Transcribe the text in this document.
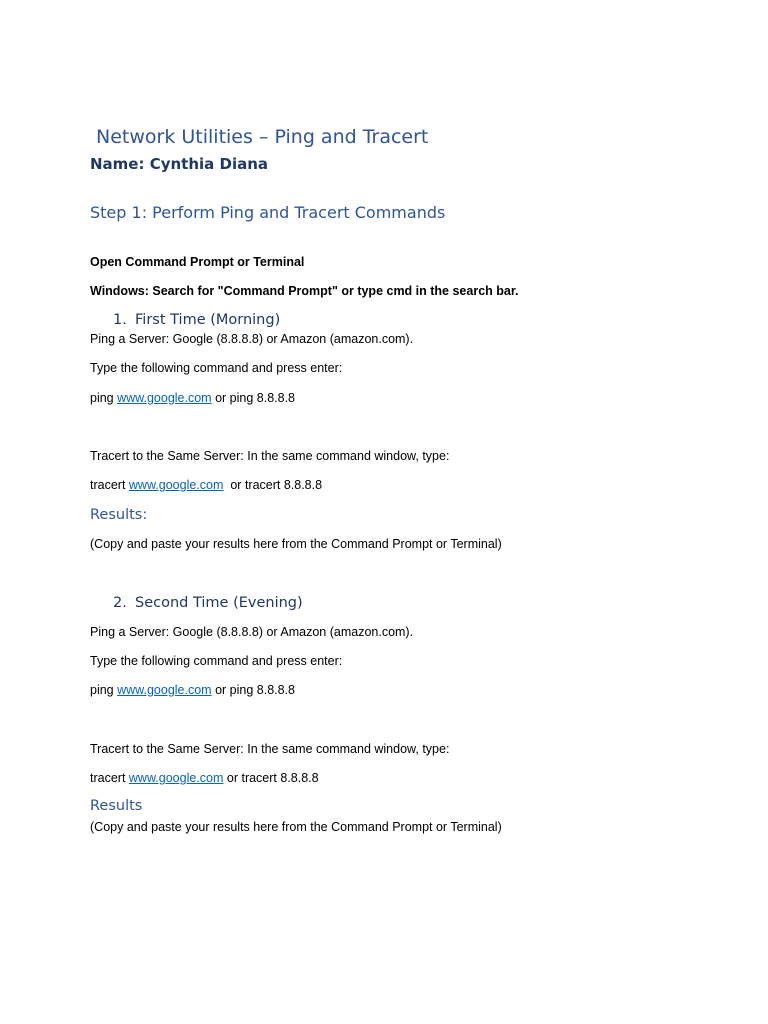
Network Utilities – Ping and Tracert
Name: Cynthia Diana
Step 1: Perform Ping and Tracert Commands
Open Command Prompt or Terminal
Windows: Search for "Command Prompt" or type cmd in the search bar.
1. First Time (Morning)
Ping a Server: Google (8.8.8.8) or Amazon (amazon.com).
Type the following command and press enter:
ping www.google.com or ping 8.8.8.8
Tracert to the Same Server: In the same command window, type:
tracert www.google.com  or tracert 8.8.8.8
Results:
(Copy and paste your results here from the Command Prompt or Terminal)
2. Second Time (Evening)
Ping a Server: Google (8.8.8.8) or Amazon (amazon.com).
Type the following command and press enter:
ping www.google.com or ping 8.8.8.8
Tracert to the Same Server: In the same command window, type:
tracert www.google.com or tracert 8.8.8.8
Results
(Copy and paste your results here from the Command Prompt or Terminal)
